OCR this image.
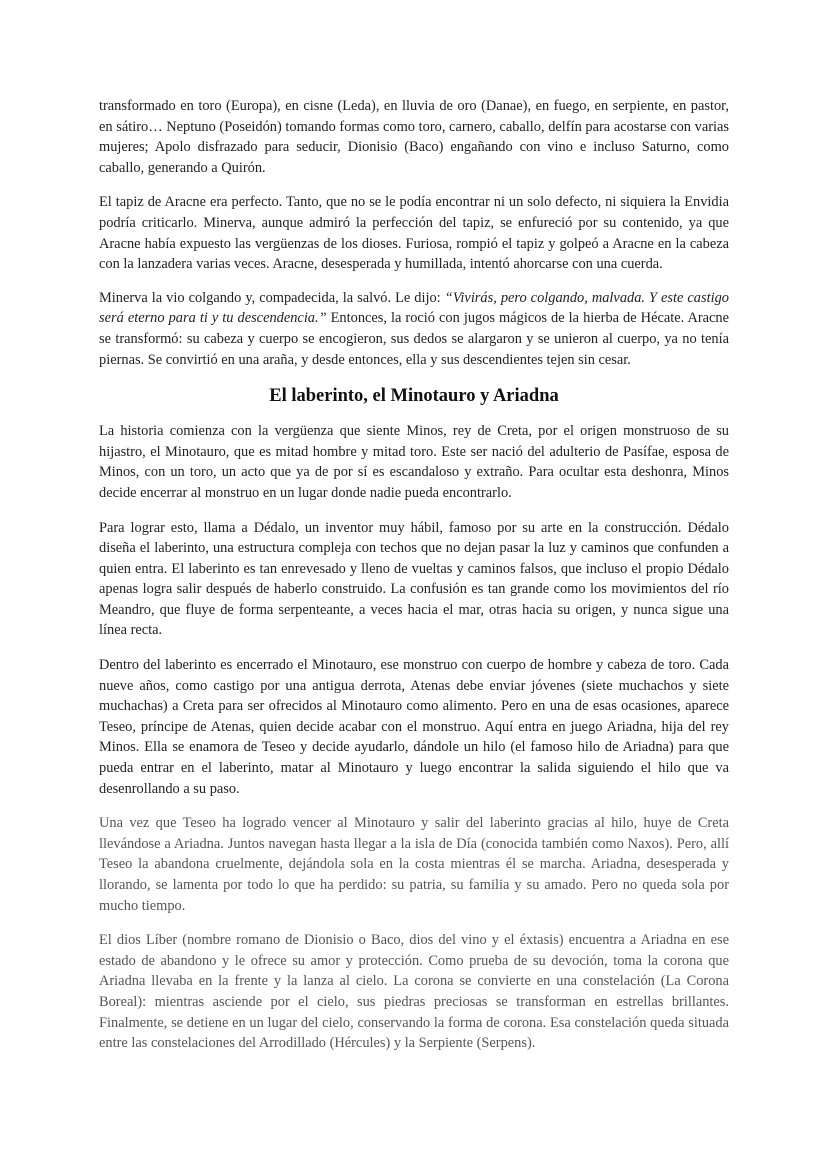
transformado en toro (Europa), en cisne (Leda), en lluvia de oro (Danae), en fuego, en serpiente, en pastor, en sátiro… Neptuno (Poseidón) tomando formas como toro, carnero, caballo, delfín para acostarse con varias mujeres; Apolo disfrazado para seducir, Dionisio (Baco) engañando con vino e incluso Saturno, como caballo, generando a Quirón.

El tapiz de Aracne era perfecto. Tanto, que no se le podía encontrar ni un solo defecto, ni siquiera la Envidia podría criticarlo. Minerva, aunque admiró la perfección del tapiz, se enfureció por su contenido, ya que Aracne había expuesto las vergüenzas de los dioses. Furiosa, rompió el tapiz y golpeó a Aracne en la cabeza con la lanzadera varias veces. Aracne, desesperada y humillada, intentó ahorcarse con una cuerda.

Minerva la vio colgando y, compadecida, la salvó. Le dijo: “Vivirás, pero colgando, malvada. Y este castigo será eterno para ti y tu descendencia.” Entonces, la roció con jugos mágicos de la hierba de Hécate. Aracne se transformó: su cabeza y cuerpo se encogieron, sus dedos se alargaron y se unieron al cuerpo, ya no tenía piernas. Se convirtió en una araña, y desde entonces, ella y sus descendientes tejen sin cesar.

El laberinto, el Minotauro y Ariadna

La historia comienza con la vergüenza que siente Minos, rey de Creta, por el origen monstruoso de su hijastro, el Minotauro, que es mitad hombre y mitad toro. Este ser nació del adulterio de Pasífae, esposa de Minos, con un toro, un acto que ya de por sí es escandaloso y extraño. Para ocultar esta deshonra, Minos decide encerrar al monstruo en un lugar donde nadie pueda encontrarlo.

Para lograr esto, llama a Dédalo, un inventor muy hábil, famoso por su arte en la construcción. Dédalo diseña el laberinto, una estructura compleja con techos que no dejan pasar la luz y caminos que confunden a quien entra. El laberinto es tan enrevesado y lleno de vueltas y caminos falsos, que incluso el propio Dédalo apenas logra salir después de haberlo construido. La confusión es tan grande como los movimientos del río Meandro, que fluye de forma serpenteante, a veces hacia el mar, otras hacia su origen, y nunca sigue una línea recta.

Dentro del laberinto es encerrado el Minotauro, ese monstruo con cuerpo de hombre y cabeza de toro. Cada nueve años, como castigo por una antigua derrota, Atenas debe enviar jóvenes (siete muchachos y siete muchachas) a Creta para ser ofrecidos al Minotauro como alimento. Pero en una de esas ocasiones, aparece Teseo, príncipe de Atenas, quien decide acabar con el monstruo. Aquí entra en juego Ariadna, hija del rey Minos. Ella se enamora de Teseo y decide ayudarlo, dándole un hilo (el famoso hilo de Ariadna) para que pueda entrar en el laberinto, matar al Minotauro y luego encontrar la salida siguiendo el hilo que va desenrollando a su paso.

Una vez que Teseo ha logrado vencer al Minotauro y salir del laberinto gracias al hilo, huye de Creta llevándose a Ariadna. Juntos navegan hasta llegar a la isla de Día (conocida también como Naxos). Pero, allí Teseo la abandona cruelmente, dejándola sola en la costa mientras él se marcha. Ariadna, desesperada y llorando, se lamenta por todo lo que ha perdido: su patria, su familia y su amado. Pero no queda sola por mucho tiempo.

El dios Líber (nombre romano de Dionisio o Baco, dios del vino y el éxtasis) encuentra a Ariadna en ese estado de abandono y le ofrece su amor y protección. Como prueba de su devoción, toma la corona que Ariadna llevaba en la frente y la lanza al cielo. La corona se convierte en una constelación (La Corona Boreal): mientras asciende por el cielo, sus piedras preciosas se transforman en estrellas brillantes. Finalmente, se detiene en un lugar del cielo, conservando la forma de corona. Esa constelación queda situada entre las constelaciones del Arrodillado (Hércules) y la Serpiente (Serpens).
